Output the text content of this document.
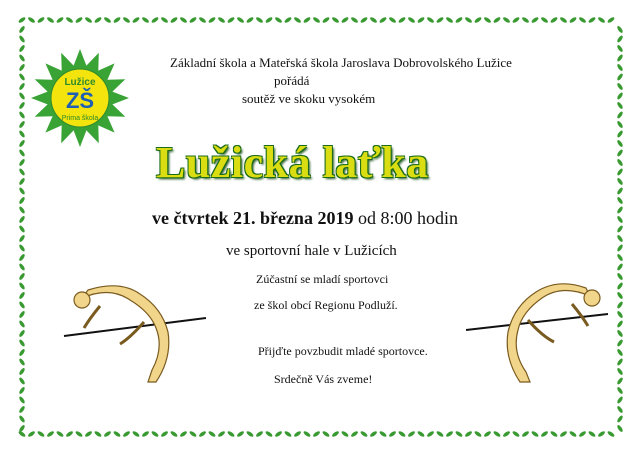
Lužice
ZŠ
Prima škola
Základní škola a Mateřská škola Jaroslava Dobrovolského Lužice
pořádá
soutěž ve skoku vysokém
Lužická laťka
ve čtvrtek 21. března 2019 od 8:00 hodin
ve sportovní hale v Lužicích
Zúčastní se mladí sportovci
ze škol obcí Regionu Podluží.
Přijďte povzbudit mladé sportovce.
Srdečně Vás zveme!
